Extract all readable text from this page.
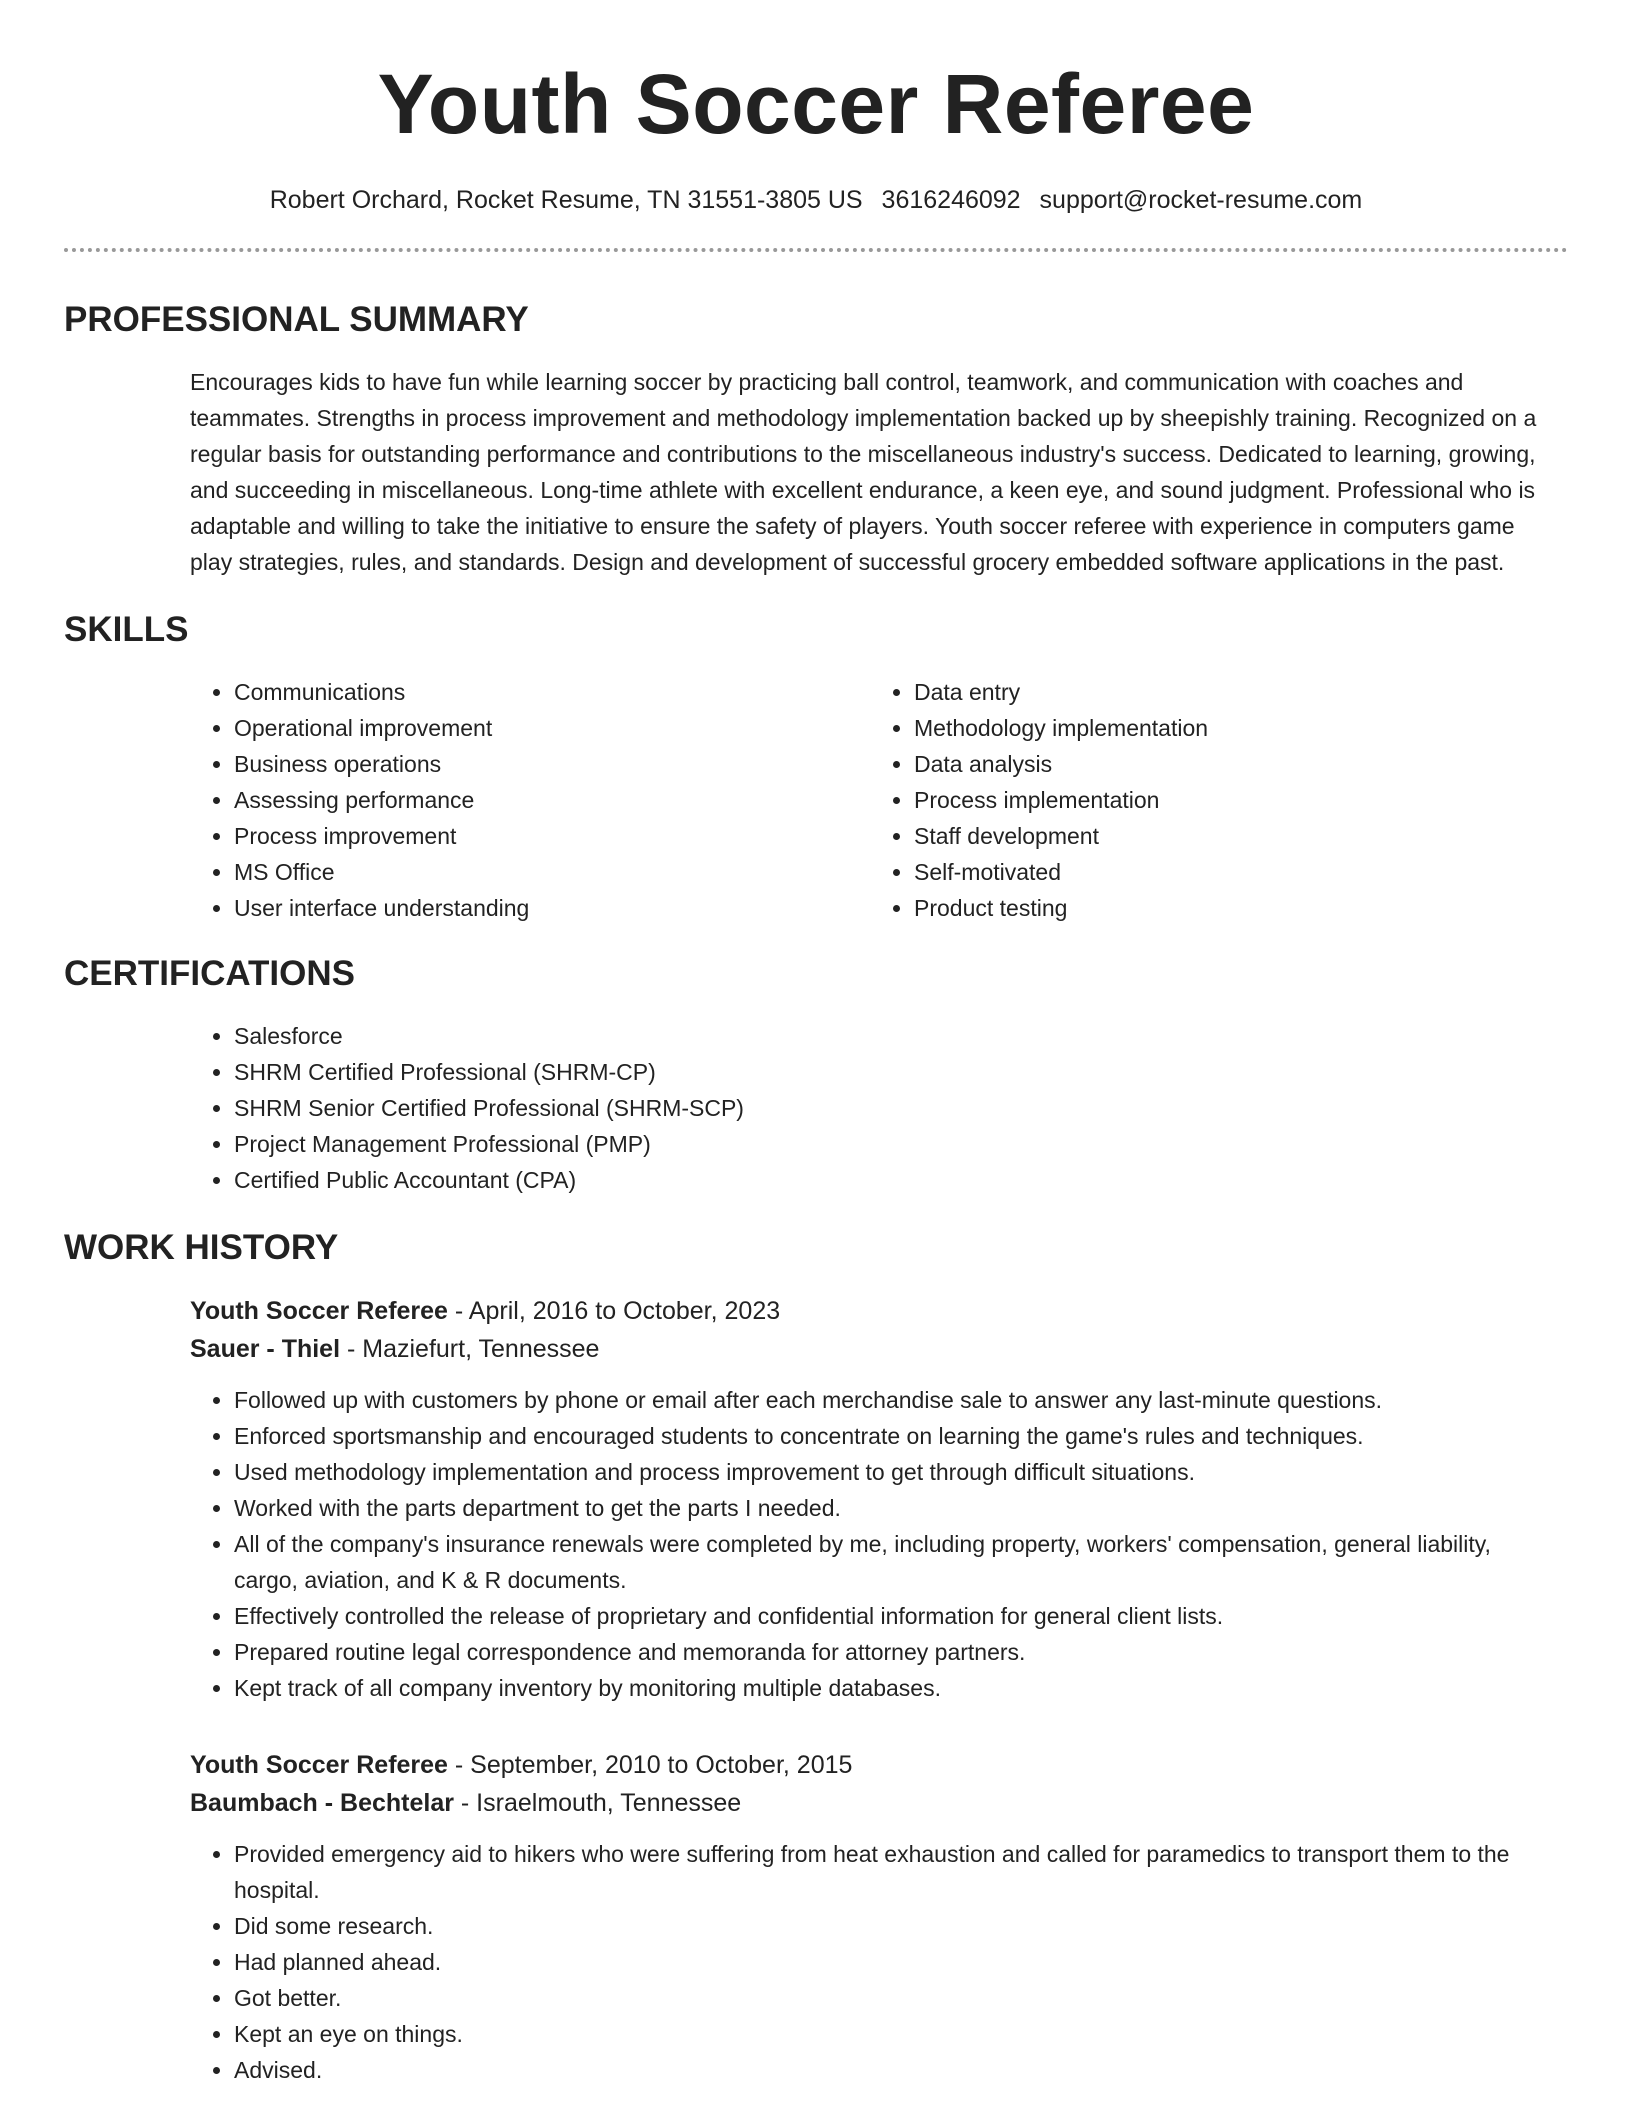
Youth Soccer Referee
Robert Orchard, Rocket Resume, TN 31551-3805 US 3616246092 support@rocket-resume.com
PROFESSIONAL SUMMARY

Encourages kids to have fun while learning soccer by practicing ball control, teamwork, and communication with coaches and teammates. Strengths in process improvement and methodology implementation backed up by sheepishly training. Recognized on a regular basis for outstanding performance and contributions to the miscellaneous industry's success. Dedicated to learning, growing, and succeeding in miscellaneous. Long-time athlete with excellent endurance, a keen eye, and sound judgment. Professional who is adaptable and willing to take the initiative to ensure the safety of players. Youth soccer referee with experience in computers game play strategies, rules, and standards. Design and development of successful grocery embedded software applications in the past.

SKILLS
• Communications
• Operational improvement
• Business operations
• Assessing performance
• Process improvement
• MS Office
• User interface understanding
• Data entry
• Methodology implementation
• Data analysis
• Process implementation
• Staff development
• Self-motivated
• Product testing
CERTIFICATIONS
• Salesforce
• SHRM Certified Professional (SHRM-CP)
• SHRM Senior Certified Professional (SHRM-SCP)
• Project Management Professional (PMP)
• Certified Public Accountant (CPA)
WORK HISTORY
Youth Soccer Referee - April, 2016 to October, 2023
Sauer - Thiel - Maziefurt, Tennessee
• Followed up with customers by phone or email after each merchandise sale to answer any last-minute questions.
• Enforced sportsmanship and encouraged students to concentrate on learning the game's rules and techniques.
• Used methodology implementation and process improvement to get through difficult situations.
• Worked with the parts department to get the parts I needed.
• All of the company's insurance renewals were completed by me, including property, workers' compensation, general liability, cargo, aviation, and K & R documents.
• Effectively controlled the release of proprietary and confidential information for general client lists.
• Prepared routine legal correspondence and memoranda for attorney partners.
• Kept track of all company inventory by monitoring multiple databases.
Youth Soccer Referee - September, 2010 to October, 2015
Baumbach - Bechtelar - Israelmouth, Tennessee
• Provided emergency aid to hikers who were suffering from heat exhaustion and called for paramedics to transport them to the hospital.
• Did some research.
• Had planned ahead.
• Got better.
• Kept an eye on things.
• Advised.
